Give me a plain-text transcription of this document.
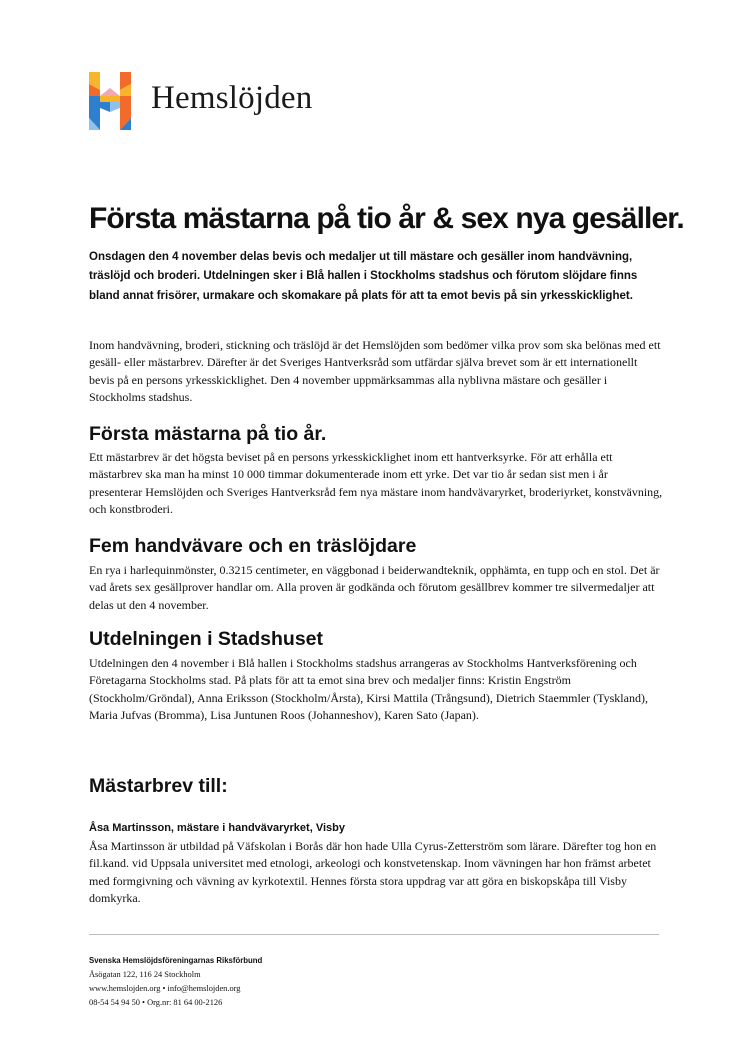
Hemslöjden
Första mästarna på tio år & sex nya gesäller.

Onsdagen den 4 november delas bevis och medaljer ut till mästare och gesäller inom handvävning, träslöjd och broderi. Utdelningen sker i Blå hallen i Stockholms stadshus och förutom slöjdare finns bland annat frisörer, urmakare och skomakare på plats för att ta emot bevis på sin yrkesskicklighet.

Inom handvävning, broderi, stickning och träslöjd är det Hemslöjden som bedömer vilka prov som ska belönas med ett gesäll- eller mästarbrev. Därefter är det Sveriges Hantverksråd som utfärdar själva brevet som är ett internationellt bevis på en persons yrkesskicklighet. Den 4 november uppmärksammas alla nyblivna mästare och gesäller i Stockholms stadshus.

Första mästarna på tio år.

Ett mästarbrev är det högsta beviset på en persons yrkesskicklighet inom ett hantverksyrke. För att erhålla ett mästarbrev ska man ha minst 10 000 timmar dokumenterade inom ett yrke. Det var tio år sedan sist men i år presenterar Hemslöjden och Sveriges Hantverksråd fem nya mästare inom handvävaryrket, broderiyrket, konstvävning, och konstbroderi.

Fem handvävare och en träslöjdare

En rya i harlequinmönster, 0.3215 centimeter, en väggbonad i beiderwandteknik, opphämta, en tupp och en stol. Det är vad årets sex gesällprover handlar om. Alla proven är godkända och förutom gesällbrev kommer tre silvermedaljer att delas ut den 4 november.

Utdelningen i Stadshuset

Utdelningen den 4 november i Blå hallen i Stockholms stadshus arrangeras av Stockholms Hantverksförening och Företagarna Stockholms stad. På plats för att ta emot sina brev och medaljer finns: Kristin Engström (Stockholm/Gröndal), Anna Eriksson (Stockholm/Årsta), Kirsi Mattila (Trångsund), Dietrich Staemmler (Tyskland), Maria Jufvas (Bromma), Lisa Juntunen Roos (Johanneshov), Karen Sato (Japan).

Mästarbrev till:
Åsa Martinsson, mästare i handvävaryrket, Visby

Åsa Martinsson är utbildad på Väfskolan i Borås där hon hade Ulla Cyrus-Zetterström som lärare. Därefter tog hon en fil.kand. vid Uppsala universitet med etnologi, arkeologi och konstvetenskap. Inom vävningen har hon främst arbetet med formgivning och vävning av kyrkotextil. Hennes första stora uppdrag var att göra en biskopskåpa till Visby domkyrka.

Svenska Hemslöjdsföreningarnas Riksförbund
Åsögatan 122, 116 24 Stockholm
www.hemslojden.org • info@hemslojden.org
08-54 54 94 50 • Org.nr: 81 64 00-2126
